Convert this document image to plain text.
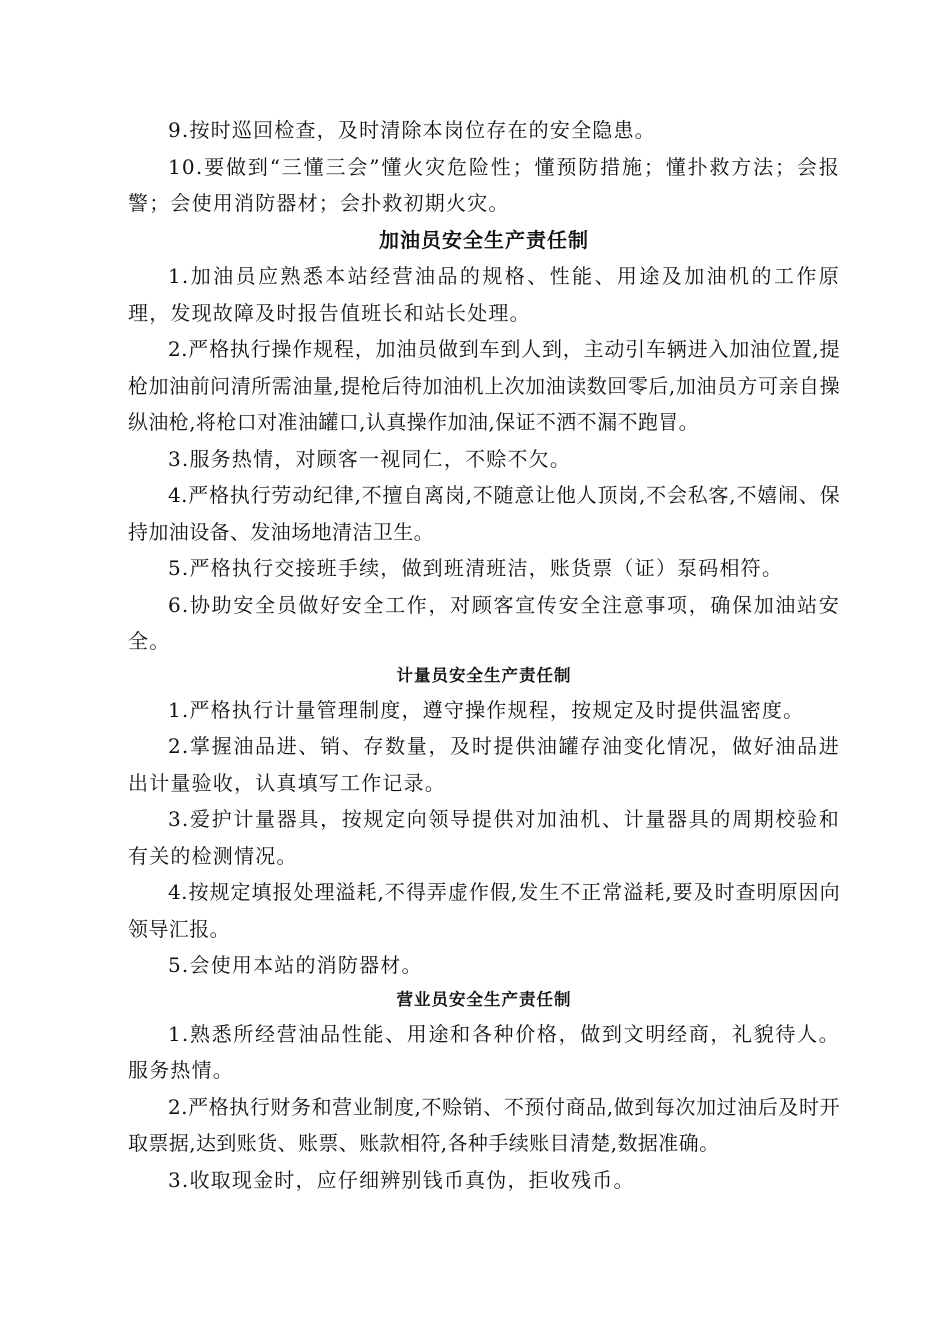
9.按时巡回检查，及时清除本岗位存在的安全隐患。

10.要做到“三懂三会”懂火灾危险性；懂预防措施；懂扑救方法；会报警；会使用消防器材；会扑救初期火灾。

加油员安全生产责任制

1.加油员应熟悉本站经营油品的规格、性能、用途及加油机的工作原理，发现故障及时报告值班长和站长处理。

2.严格执行操作规程，加油员做到车到人到，主动引车辆进入加油位置,提枪加油前问清所需油量,提枪后待加油机上次加油读数回零后,加油员方可亲自操纵油枪,将枪口对准油罐口,认真操作加油,保证不洒不漏不跑冒。

3.服务热情，对顾客一视同仁，不赊不欠。

4.严格执行劳动纪律,不擅自离岗,不随意让他人顶岗,不会私客,不嬉闹、保持加油设备、发油场地清洁卫生。

5.严格执行交接班手续，做到班清班洁，账货票（证）泵码相符。

6.协助安全员做好安全工作，对顾客宣传安全注意事项，确保加油站安全。

计量员安全生产责任制

1.严格执行计量管理制度，遵守操作规程，按规定及时提供温密度。

2.掌握油品进、销、存数量，及时提供油罐存油变化情况，做好油品进出计量验收，认真填写工作记录。

3.爱护计量器具，按规定向领导提供对加油机、计量器具的周期校验和有关的检测情况。

4.按规定填报处理溢耗,不得弄虚作假,发生不正常溢耗,要及时查明原因向领导汇报。

5.会使用本站的消防器材。

营业员安全生产责任制

1.熟悉所经营油品性能、用途和各种价格，做到文明经商，礼貌待人。服务热情。

2.严格执行财务和营业制度,不赊销、不预付商品,做到每次加过油后及时开取票据,达到账货、账票、账款相符,各种手续账目清楚,数据准确。

3.收取现金时，应仔细辨别钱币真伪，拒收残币。
